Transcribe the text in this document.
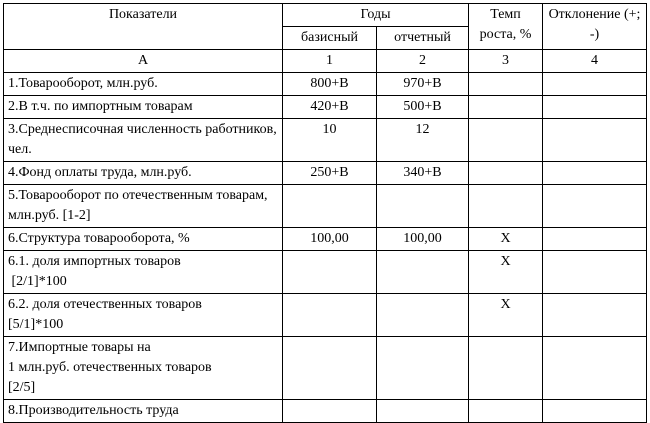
Показатели	Годы		Темп роста, %	Отклонение (+; -)
	базисный	отчетный		
А	1	2	3	4
1.Товарооборот, млн.руб.	800+В	970+В		
2.В т.ч. по импортным товарам	420+В	500+В		
3.Среднесписочная численность работников, чел.	10	12		
4.Фонд оплаты труда, млн.руб.	250+В	340+В		
5.Товарооборот по отечественным товарам, млн.руб. [1-2]				
6.Структура товарооборота, %	100,00	100,00	Х	

6.1. доля импортных товаров
[2/1]*100			Х	

6.2. доля отечественных товаров
[5/1]*100			Х	

7.Импортные товары на
1 млн.руб. отечественных товаров
[2/5]				

8.Производительность труда				
